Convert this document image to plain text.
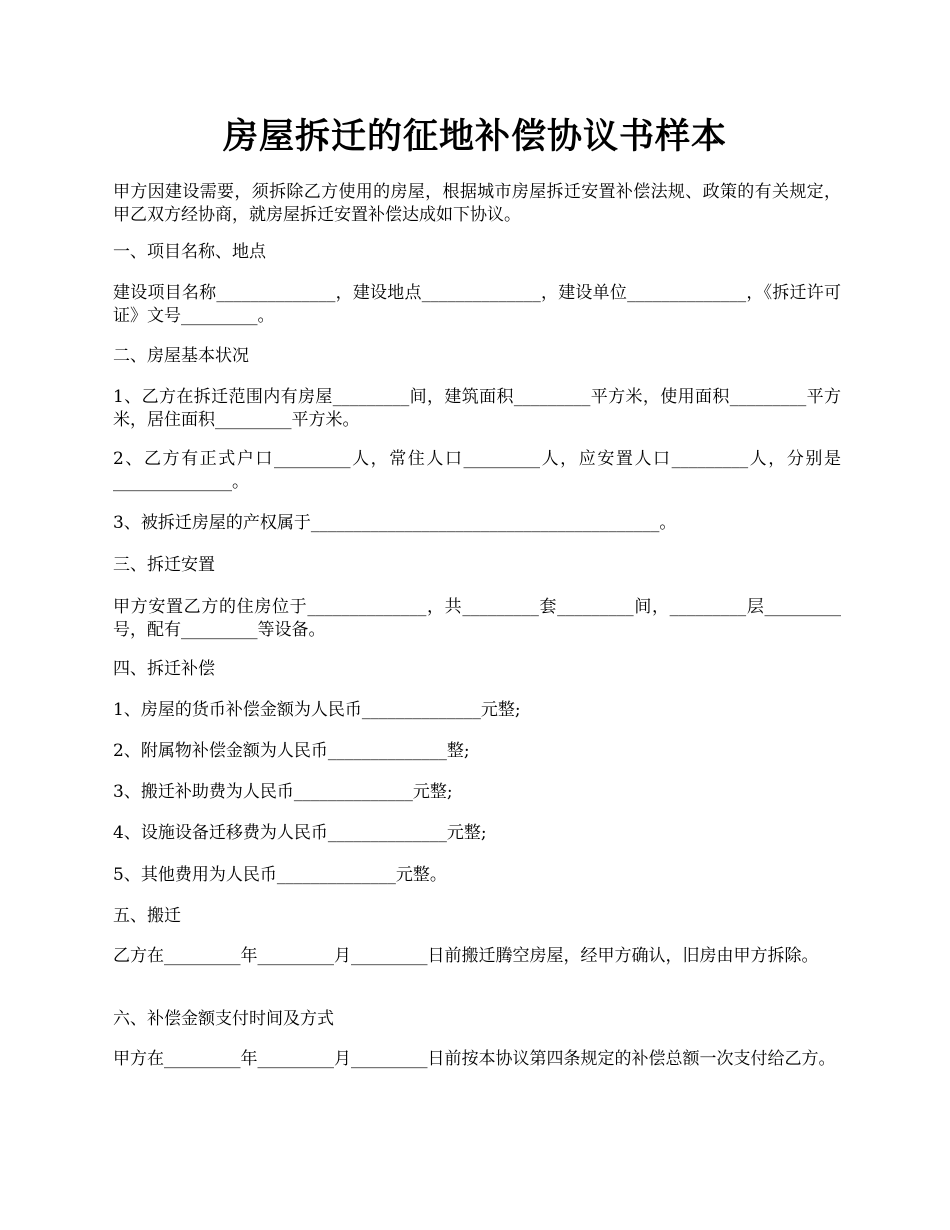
房屋拆迁的征地补偿协议书样本

甲方因建设需要，须拆除乙方使用的房屋，根据城市房屋拆迁安置补偿法规、政策的有关规定，甲乙双方经协商，就房屋拆迁安置补偿达成如下协议。

一、项目名称、地点

建设项目名称______________，建设地点______________，建设单位______________，《拆迁许可证》文号_________。

二、房屋基本状况

1、乙方在拆迁范围内有房屋_________间，建筑面积_________平方米，使用面积_________平方米，居住面积_________平方米。

2、乙方有正式户口_________人，常住人口_________人，应安置人口_________人，分别是______________。

3、被拆迁房屋的产权属于_________________________________________。

三、拆迁安置

甲方安置乙方的住房位于______________，共_________套_________间，_________层_________号，配有_________等设备。

四、拆迁补偿

1、房屋的货币补偿金额为人民币______________元整;

2、附属物补偿金额为人民币______________整;

3、搬迁补助费为人民币______________元整;

4、设施设备迁移费为人民币______________元整;

5、其他费用为人民币______________元整。

五、搬迁

乙方在_________年_________月_________日前搬迁腾空房屋，经甲方确认，旧房由甲方拆除。

六、补偿金额支付时间及方式

甲方在_________年_________月_________日前按本协议第四条规定的补偿总额一次支付给乙方。
